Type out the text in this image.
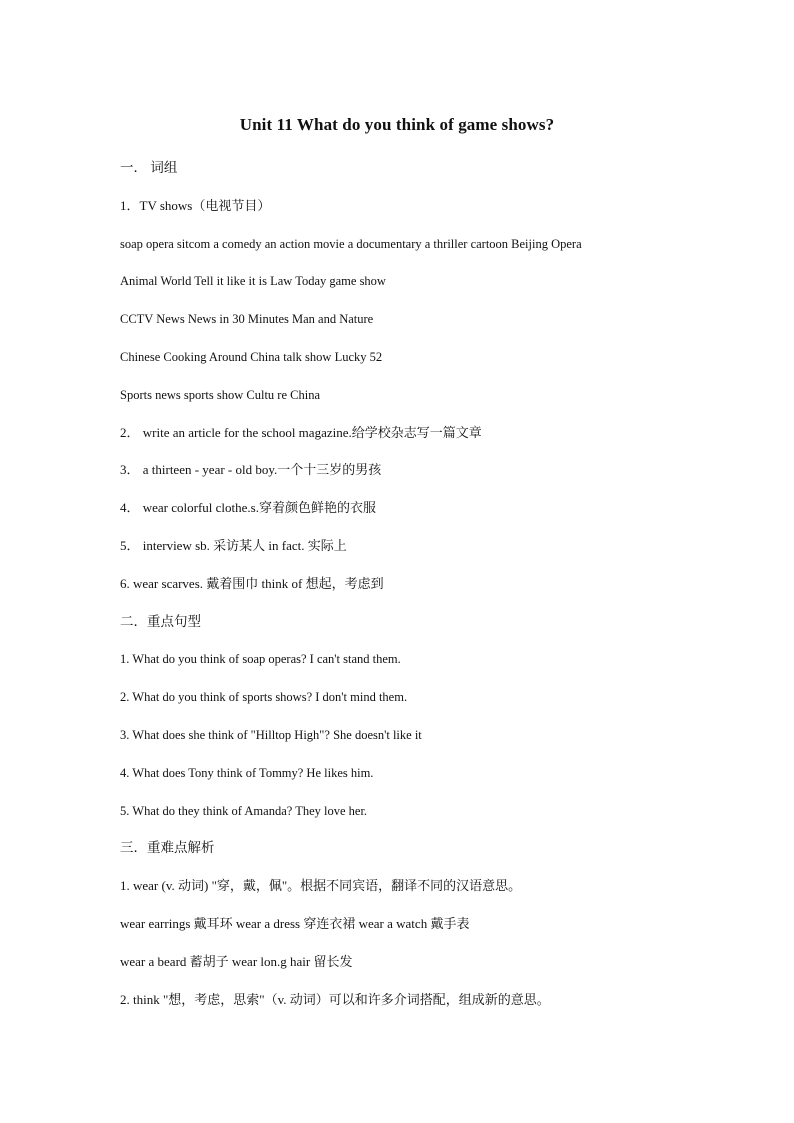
Unit 11 What do you think of game shows?
一． 词组
1．TV shows（电视节目）
soap opera sitcom a comedy an action movie a documentary a thriller cartoon Beijing Opera
Animal World Tell it like it is Law Today game show
CCTV News News in 30 Minutes Man and Nature
Chinese Cooking Around China talk show Lucky 52
Sports news sports show Cultu re China
2． write an article for the school magazine.给学校杂志写一篇文章
3． a thirteen - year - old boy.一个十三岁的男孩
4． wear colorful clothe.s.穿着颜色鲜艳的衣服
5． interview sb. 采访某人 in fact. 实际上
6. wear scarves. 戴着围巾 think of 想起，考虑到
二．重点句型
1. What do you think of soap operas? I can't stand them.
2. What do you think of sports shows? I don't mind them.
3. What does she think of "Hilltop High"? She doesn't like it
4. What does Tony think of Tommy? He likes him.
5. What do they think of Amanda? They love her.
三．重难点解析
1. wear (v. 动词) "穿，戴，佩"。根据不同宾语，翻译不同的汉语意思。
wear earrings 戴耳环 wear a dress 穿连衣裙 wear a watch 戴手表
wear a beard 蓄胡子 wear lon.g hair 留长发
2. think "想，考虑，思索"（v. 动词）可以和许多介词搭配，组成新的意思。
